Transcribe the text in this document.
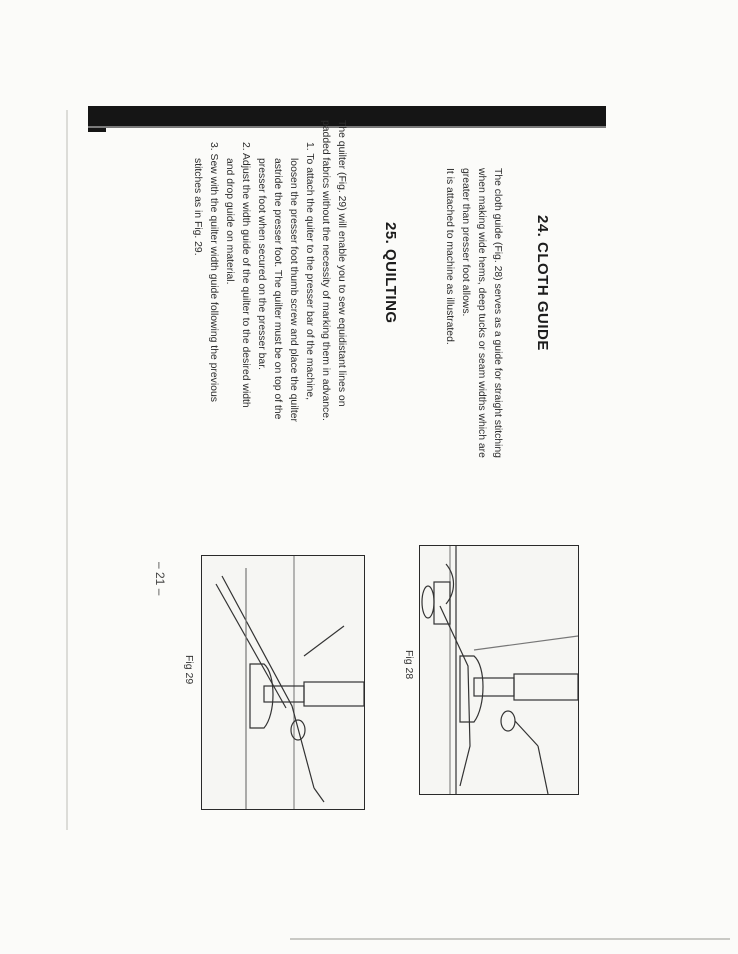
24. CLOTH GUIDE
The cloth guide (Fig. 28) serves as a guide for straight stitching
when making wide hems, deep tucks or seam widths which are
greater than presser foot allows.
It is attached to machine as illustrated.
25. QUILTING
The quilter (Fig. 29) will enable you to sew equidistant lines on
padded fabrics without the necessity of marking them in advance.
1. To attach the quiter to the presser bar of the machine,
loosen the presser foot thumb screw and place the quilter
astride the presser foot. The quilter must be on top of the
presser foot when secured on the presser bar.
2. Adjust the width guide of the quilter to the desired width
and drop guide on material.
3. Sew with the quilter width guide following the previous
stitches as in Fig. 29.
– 21 –
Fig 28
Fig 29
